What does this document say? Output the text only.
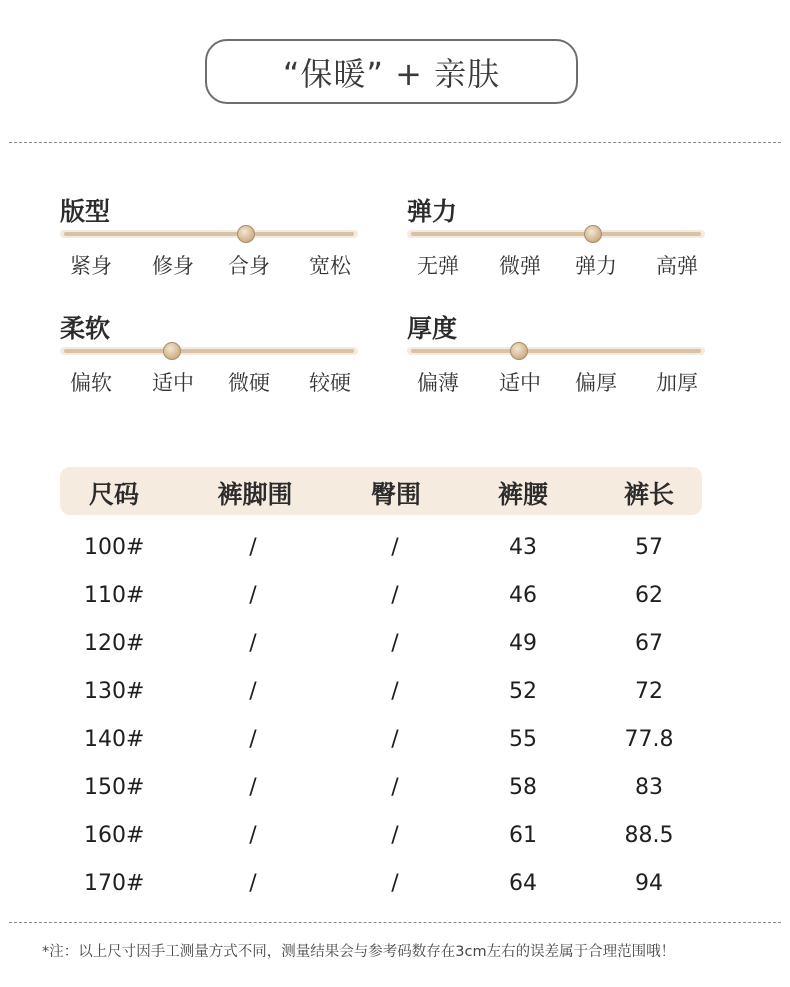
“保暖” + 亲肤
版型
紧身 修身 合身 宽松
弹力
无弹 微弹 弹力 高弹
柔软
偏软 适中 微硬 较硬
厚度
偏薄 适中 偏厚 加厚
尺码	裤脚围	臀围	裤腰	裤长
100#	/	/	43	57
110#	/	/	46	62
120#	/	/	49	67
130#	/	/	52	72
140#	/	/	55	77.8
150#	/	/	58	83
160#	/	/	61	88.5
170#	/	/	64	94
*注：以上尺寸因手工测量方式不同，测量结果会与参考码数存在3cm左右的误差属于合理范围哦！
